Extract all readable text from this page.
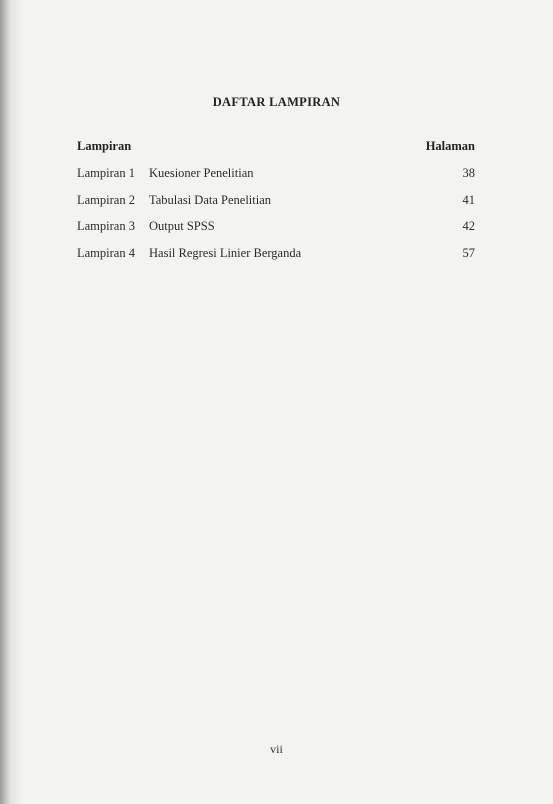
DAFTAR LAMPIRAN
Lampiran	Halaman
Lampiran 1	Kuesioner Penelitian	38
Lampiran 2	Tabulasi Data Penelitian	41
Lampiran 3	Output SPSS	42
Lampiran 4	Hasil Regresi Linier Berganda	57
vii
